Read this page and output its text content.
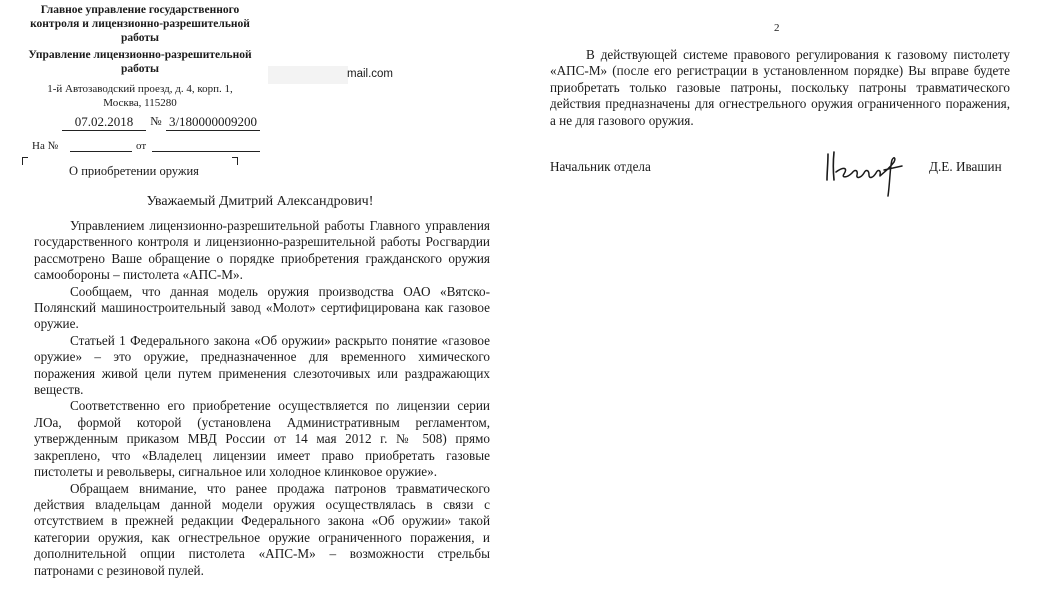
Главное управление государственного контроля и лицензионно-разрешительной работы
Управление лицензионно-разрешительной работы
1-й Автозаводский проезд, д. 4, корп. 1,
Москва, 115280
mail.com
07.02.2018	№ 3/180000009200
На №	от
О приобретении оружия
Уважаемый Дмитрий Александрович!

Управлением лицензионно-разрешительной работы Главного управления государственного контроля и лицензионно-разрешительной работы Росгвардии рассмотрено Ваше обращение о порядке приобретения гражданского оружия самообороны – пистолета «АПС-М».

Сообщаем, что данная модель оружия производства ОАО «Вятско-Полянский машиностроительный завод «Молот» сертифицирована как газовое оружие.

Статьей 1 Федерального закона «Об оружии» раскрыто понятие «газовое оружие» – это оружие, предназначенное для временного химического поражения живой цели путем применения слезоточивых или раздражающих веществ.

Соответственно его приобретение осуществляется по лицензии серии ЛОа, формой которой (установлена Административным регламентом, утвержденным приказом МВД России от 14 мая 2012 г. № 508) прямо закреплено, что «Владелец лицензии имеет право приобретать газовые пистолеты и револьверы, сигнальное или холодное клинковое оружие».

Обращаем внимание, что ранее продажа патронов травматического действия владельцам данной модели оружия осуществлялась в связи с отсутствием в прежней редакции Федерального закона «Об оружии» такой категории оружия, как огнестрельное оружие ограниченного поражения, и дополнительной опции пистолета «АПС-М» – возможности стрельбы патронами с резиновой пулей.

2

В действующей системе правового регулирования к газовому пистолету «АПС-М» (после его регистрации в установленном порядке) Вы вправе будете приобретать только газовые патроны, поскольку патроны травматического действия предназначены для огнестрельного оружия ограниченного поражения, а не для газового оружия.

Начальник отдела	Д.Е. Ивашин
